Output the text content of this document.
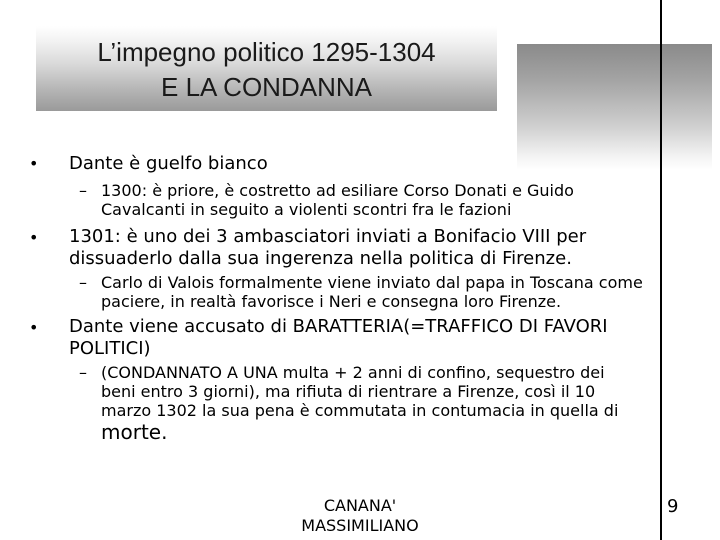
L’impegno politico 1295-1304
E LA CONDANNA
• Dante è guelfo bianco
– 1300: è priore, è costretto ad esiliare Corso Donati e Guido
Cavalcanti in seguito a violenti scontri fra le fazioni
• 1301: è uno dei 3 ambasciatori inviati a Bonifacio VIII per
dissuaderlo dalla sua ingerenza nella politica di Firenze.
– Carlo di Valois formalmente viene inviato dal papa in Toscana come
paciere, in realtà favorisce i Neri e consegna loro Firenze.
• Dante viene accusato di BARATTERIA(=TRAFFICO DI FAVORI
POLITICI)
– (CONDANNATO A UNA multa + 2 anni di confino, sequestro dei
beni entro 3 giorni), ma rifiuta di rientrare a Firenze, così il 10
marzo 1302 la sua pena è commutata in contumacia in quella di
morte.
CANANA'
MASSIMILIANO
9
